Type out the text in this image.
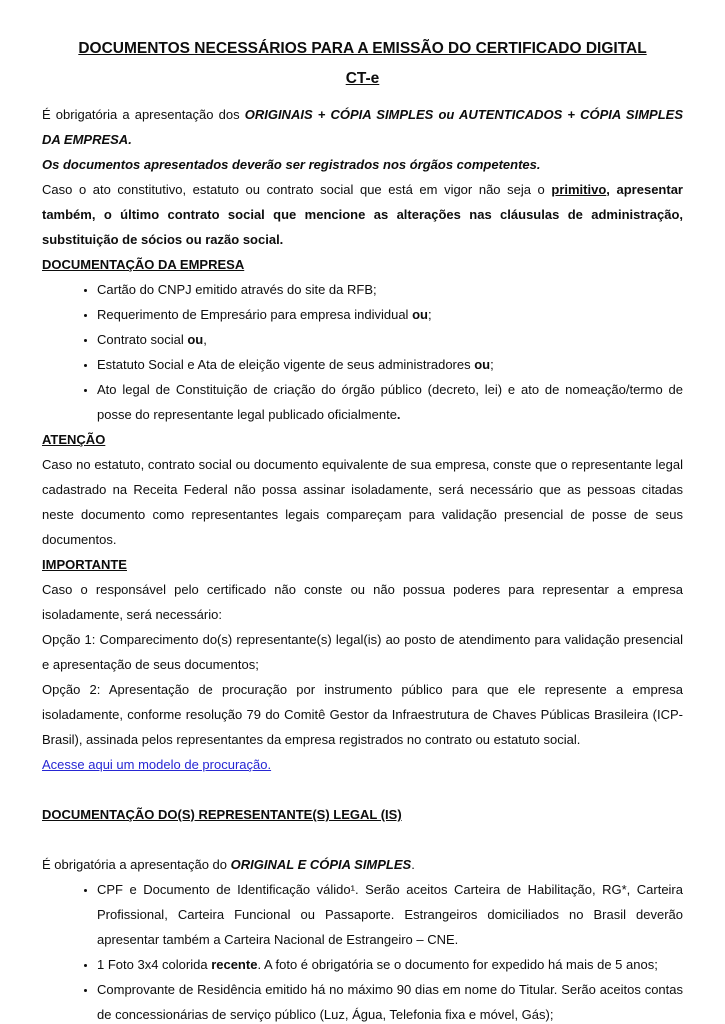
DOCUMENTOS NECESSÁRIOS PARA A EMISSÃO DO CERTIFICADO DIGITAL
CT-e

É obrigatória a apresentação dos ORIGINAIS + CÓPIA SIMPLES ou AUTENTICADOS + CÓPIA SIMPLES DA EMPRESA.

Os documentos apresentados deverão ser registrados nos órgãos competentes.

Caso o ato constitutivo, estatuto ou contrato social que está em vigor não seja o primitivo, apresentar também, o último contrato social que mencione as alterações nas cláusulas de administração, substituição de sócios ou razão social.

DOCUMENTAÇÃO DA EMPRESA
• Cartão do CNPJ emitido através do site da RFB;
• Requerimento de Empresário para empresa individual ou;
• Contrato social ou,
• Estatuto Social e Ata de eleição vigente de seus administradores ou;
• Ato legal de Constituição de criação do órgão público (decreto, lei) e ato de nomeação/termo de posse do representante legal publicado oficialmente.
ATENÇÃO

Caso no estatuto, contrato social ou documento equivalente de sua empresa, conste que o representante legal cadastrado na Receita Federal não possa assinar isoladamente, será necessário que as pessoas citadas neste documento como representantes legais compareçam para validação presencial de posse de seus documentos.

IMPORTANTE

Caso o responsável pelo certificado não conste ou não possua poderes para representar a empresa isoladamente, será necessário:

Opção 1: Comparecimento do(s) representante(s) legal(is) ao posto de atendimento para validação presencial e apresentação de seus documentos;

Opção 2: Apresentação de procuração por instrumento público para que ele represente a empresa isoladamente, conforme resolução 79 do Comitê Gestor da Infraestrutura de Chaves Públicas Brasileira (ICP-Brasil), assinada pelos representantes da empresa registrados no contrato ou estatuto social.

Acesse aqui um modelo de procuração.

DOCUMENTAÇÃO DO(S) REPRESENTANTE(S) LEGAL (IS)

É obrigatória a apresentação do ORIGINAL E CÓPIA SIMPLES.

• CPF e Documento de Identificação válido¹. Serão aceitos Carteira de Habilitação, RG*, Carteira Profissional, Carteira Funcional ou Passaporte. Estrangeiros domiciliados no Brasil deverão apresentar também a Carteira Nacional de Estrangeiro – CNE.
• 1 Foto 3x4 colorida recente. A foto é obrigatória se o documento for expedido há mais de 5 anos;
• Comprovante de Residência emitido há no máximo 90 dias em nome do Titular. Serão aceitos contas de concessionárias de serviço público (Luz, Água, Telefonia fixa e móvel, Gás);
